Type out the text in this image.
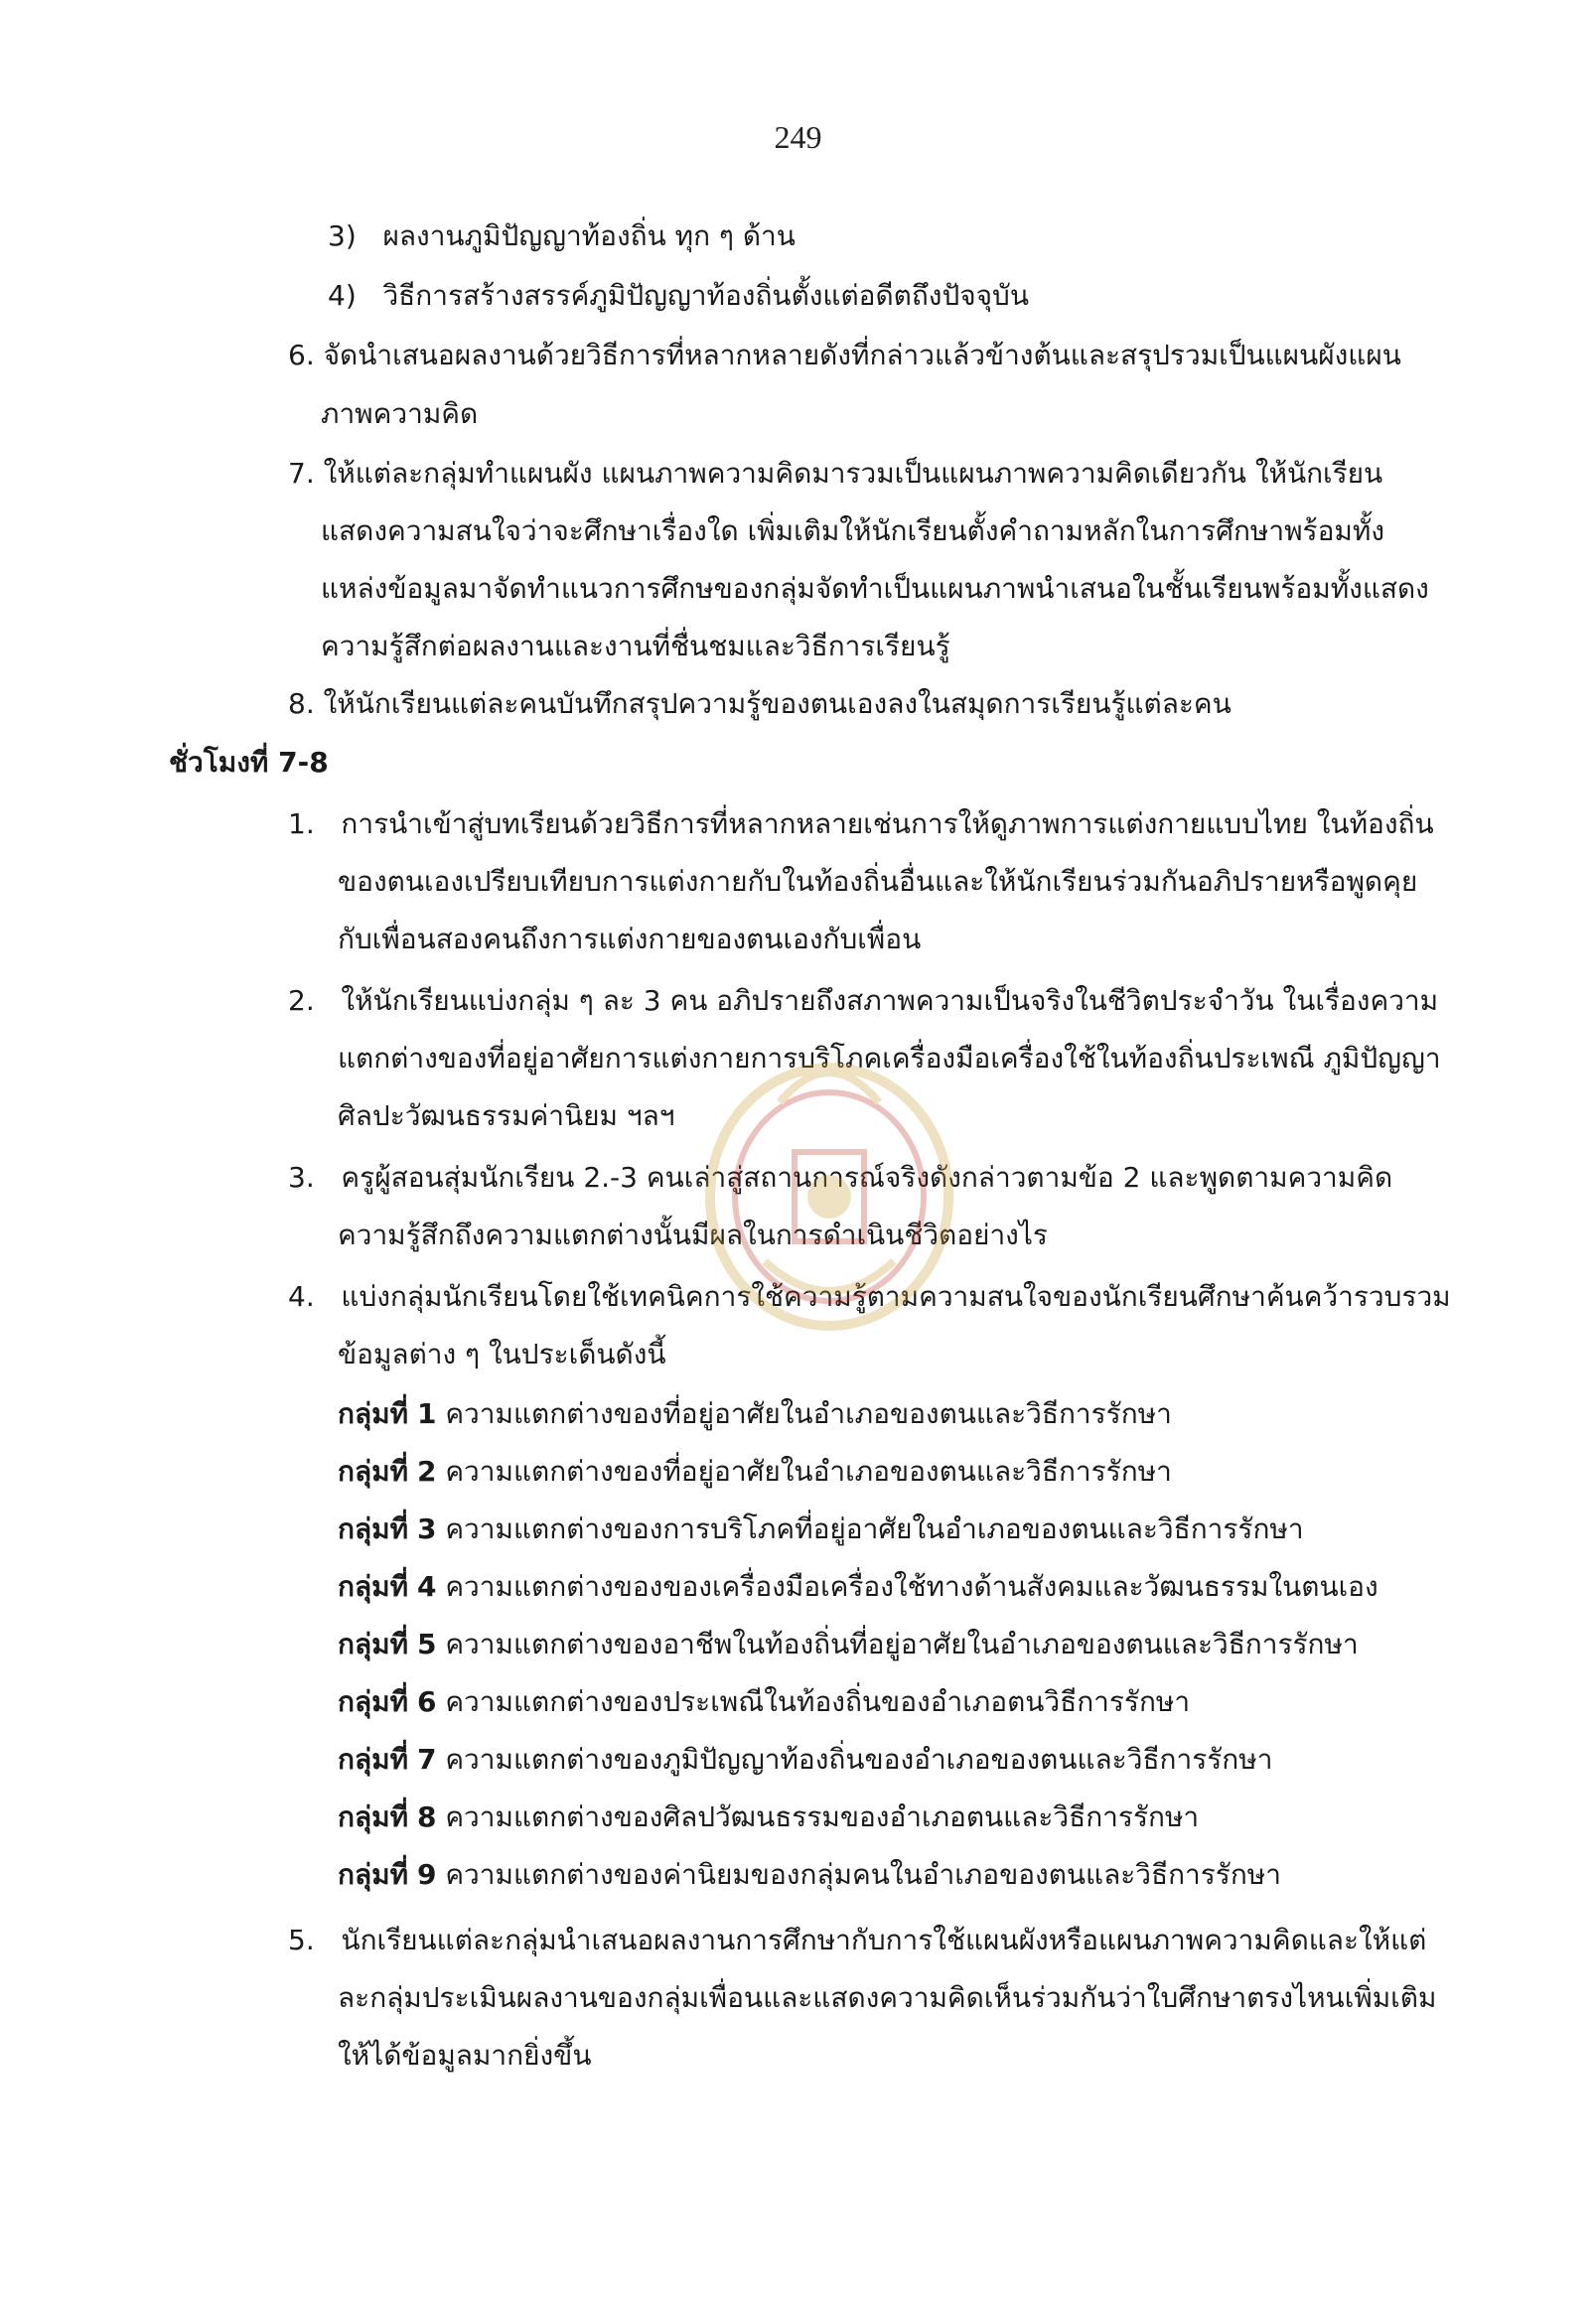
249
3) ผลงานภูมิปัญญาท้องถิ่น ทุก ๆ ด้าน
4) วิธีการสร้างสรรค์ภูมิปัญญาท้องถิ่นตั้งแต่อดีตถึงปัจจุบัน
6. จัดนำเสนอผลงานด้วยวิธีการที่หลากหลายดังที่กล่าวแล้วข้างต้นและสรุปรวมเป็นแผนผังแผน
ภาพความคิด
7. ให้แต่ละกลุ่มทำแผนผัง แผนภาพความคิดมารวมเป็นแผนภาพความคิดเดียวกัน ให้นักเรียน
แสดงความสนใจว่าจะศึกษาเรื่องใด เพิ่มเติมให้นักเรียนตั้งคำถามหลักในการศึกษาพร้อมทั้ง
แหล่งข้อมูลมาจัดทำแนวการศึกษของกลุ่มจัดทำเป็นแผนภาพนำเสนอในชั้นเรียนพร้อมทั้งแสดง
ความรู้สึกต่อผลงานและงานที่ชื่นชมและวิธีการเรียนรู้
8. ให้นักเรียนแต่ละคนบันทึกสรุปความรู้ของตนเองลงในสมุดการเรียนรู้แต่ละคน
ชั่วโมงที่ 7-8
1. การนำเข้าสู่บทเรียนด้วยวิธีการที่หลากหลายเช่นการให้ดูภาพการแต่งกายแบบไทย ในท้องถิ่น
ของตนเองเปรียบเทียบการแต่งกายกับในท้องถิ่นอื่นและให้นักเรียนร่วมกันอภิปรายหรือพูดคุย
กับเพื่อนสองคนถึงการแต่งกายของตนเองกับเพื่อน
2. ให้นักเรียนแบ่งกลุ่ม ๆ ละ 3 คน อภิปรายถึงสภาพความเป็นจริงในชีวิตประจำวัน ในเรื่องความ
แตกต่างของที่อยู่อาศัยการแต่งกายการบริโภคเครื่องมือเครื่องใช้ในท้องถิ่นประเพณี ภูมิปัญญา
ศิลปะวัฒนธรรมค่านิยม ฯลฯ
3. ครูผู้สอนสุ่มนักเรียน 2.-3 คนเล่าสู่สถานการณ์จริงดังกล่าวตามข้อ 2 และพูดตามความคิด
ความรู้สึกถึงความแตกต่างนั้นมีผลในการดำเนินชีวิตอย่างไร
4. แบ่งกลุ่มนักเรียนโดยใช้เทคนิคการใช้ความรู้ตามความสนใจของนักเรียนศึกษาค้นคว้ารวบรวม
ข้อมูลต่าง ๆ ในประเด็นดังนี้
กลุ่มที่ 1 ความแตกต่างของที่อยู่อาศัยในอำเภอของตนและวิธีการรักษา
กลุ่มที่ 2 ความแตกต่างของที่อยู่อาศัยในอำเภอของตนและวิธีการรักษา
กลุ่มที่ 3 ความแตกต่างของการบริโภคที่อยู่อาศัยในอำเภอของตนและวิธีการรักษา
กลุ่มที่ 4 ความแตกต่างของของเครื่องมือเครื่องใช้ทางด้านสังคมและวัฒนธรรมในตนเอง
กลุ่มที่ 5 ความแตกต่างของอาชีพในท้องถิ่นที่อยู่อาศัยในอำเภอของตนและวิธีการรักษา
กลุ่มที่ 6 ความแตกต่างของประเพณีในท้องถิ่นของอำเภอตนวิธีการรักษา
กลุ่มที่ 7 ความแตกต่างของภูมิปัญญาท้องถิ่นของอำเภอของตนและวิธีการรักษา
กลุ่มที่ 8 ความแตกต่างของศิลปวัฒนธรรมของอำเภอตนและวิธีการรักษา
กลุ่มที่ 9 ความแตกต่างของค่านิยมของกลุ่มคนในอำเภอของตนและวิธีการรักษา
5. นักเรียนแต่ละกลุ่มนำเสนอผลงานการศึกษากับการใช้แผนผังหรือแผนภาพความคิดและให้แต่
ละกลุ่มประเมินผลงานของกลุ่มเพื่อนและแสดงความคิดเห็นร่วมกันว่าใบศึกษาตรงไหนเพิ่มเติม
ให้ได้ข้อมูลมากยิ่งขึ้น
